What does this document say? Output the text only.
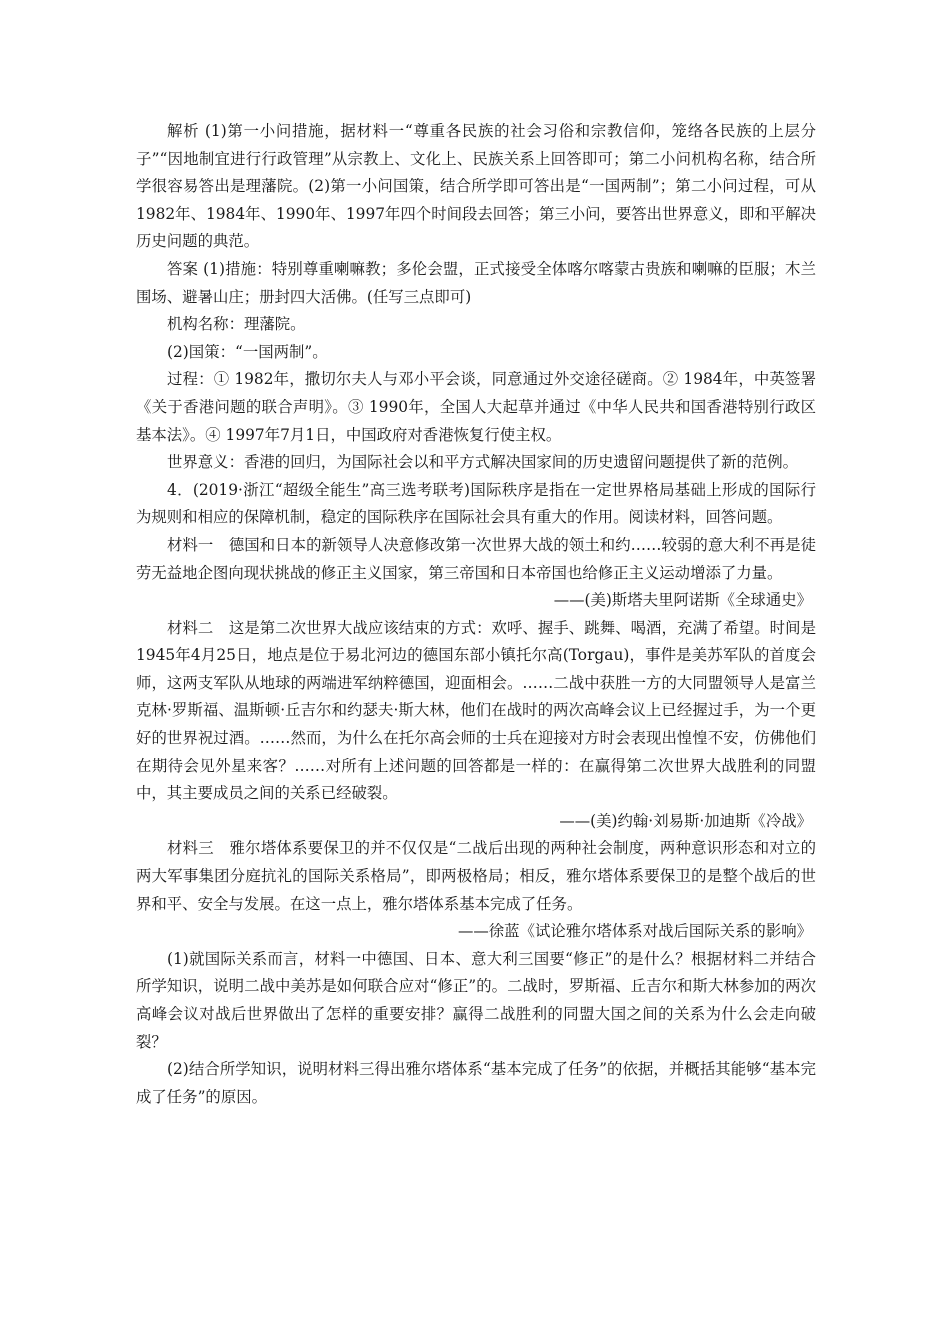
解析 (1)第一小问措施，据材料一“尊重各民族的社会习俗和宗教信仰，笼络各民族的上层分子”“因地制宜进行行政管理”从宗教上、文化上、民族关系上回答即可；第二小问机构名称，结合所学很容易答出是理藩院。(2)第一小问国策，结合所学即可答出是“一国两制”；第二小问过程，可从1982年、1984年、1990年、1997年四个时间段去回答；第三小问，要答出世界意义，即和平解决历史问题的典范。

答案 (1)措施：特别尊重喇嘛教；多伦会盟，正式接受全体喀尔喀蒙古贵族和喇嘛的臣服；木兰围场、避暑山庄；册封四大活佛。(任写三点即可)

机构名称：理藩院。

(2)国策：“一国两制”。

过程：① 1982年，撒切尔夫人与邓小平会谈，同意通过外交途径磋商。② 1984年，中英签署《关于香港问题的联合声明》。③ 1990年，全国人大起草并通过《中华人民共和国香港特别行政区基本法》。④ 1997年7月1日，中国政府对香港恢复行使主权。

世界意义：香港的回归，为国际社会以和平方式解决国家间的历史遗留问题提供了新的范例。

4．(2019·浙江“超级全能生”高三选考联考)国际秩序是指在一定世界格局基础上形成的国际行为规则和相应的保障机制，稳定的国际秩序在国际社会具有重大的作用。阅读材料，回答问题。

材料一　德国和日本的新领导人决意修改第一次世界大战的领土和约……较弱的意大利不再是徒劳无益地企图向现状挑战的修正主义国家，第三帝国和日本帝国也给修正主义运动增添了力量。

——(美)斯塔夫里阿诺斯《全球通史》

材料二　这是第二次世界大战应该结束的方式：欢呼、握手、跳舞、喝酒，充满了希望。时间是1945年4月25日，地点是位于易北河边的德国东部小镇托尔高(Torgau)，事件是美苏军队的首度会师，这两支军队从地球的两端进军纳粹德国，迎面相会。……二战中获胜一方的大同盟领导人是富兰克林·罗斯福、温斯顿·丘吉尔和约瑟夫·斯大林，他们在战时的两次高峰会议上已经握过手，为一个更好的世界祝过酒。……然而，为什么在托尔高会师的士兵在迎接对方时会表现出惶惶不安，仿佛他们在期待会见外星来客？……对所有上述问题的回答都是一样的：在赢得第二次世界大战胜利的同盟中，其主要成员之间的关系已经破裂。

——(美)约翰·刘易斯·加迪斯《冷战》

材料三　雅尔塔体系要保卫的并不仅仅是“二战后出现的两种社会制度，两种意识形态和对立的两大军事集团分庭抗礼的国际关系格局”，即两极格局；相反，雅尔塔体系要保卫的是整个战后的世界和平、安全与发展。在这一点上，雅尔塔体系基本完成了任务。

——徐蓝《试论雅尔塔体系对战后国际关系的影响》

(1)就国际关系而言，材料一中德国、日本、意大利三国要“修正”的是什么？根据材料二并结合所学知识，说明二战中美苏是如何联合应对“修正”的。二战时，罗斯福、丘吉尔和斯大林参加的两次高峰会议对战后世界做出了怎样的重要安排？赢得二战胜利的同盟大国之间的关系为什么会走向破裂？

(2)结合所学知识，说明材料三得出雅尔塔体系“基本完成了任务”的依据，并概括其能够“基本完成了任务”的原因。
